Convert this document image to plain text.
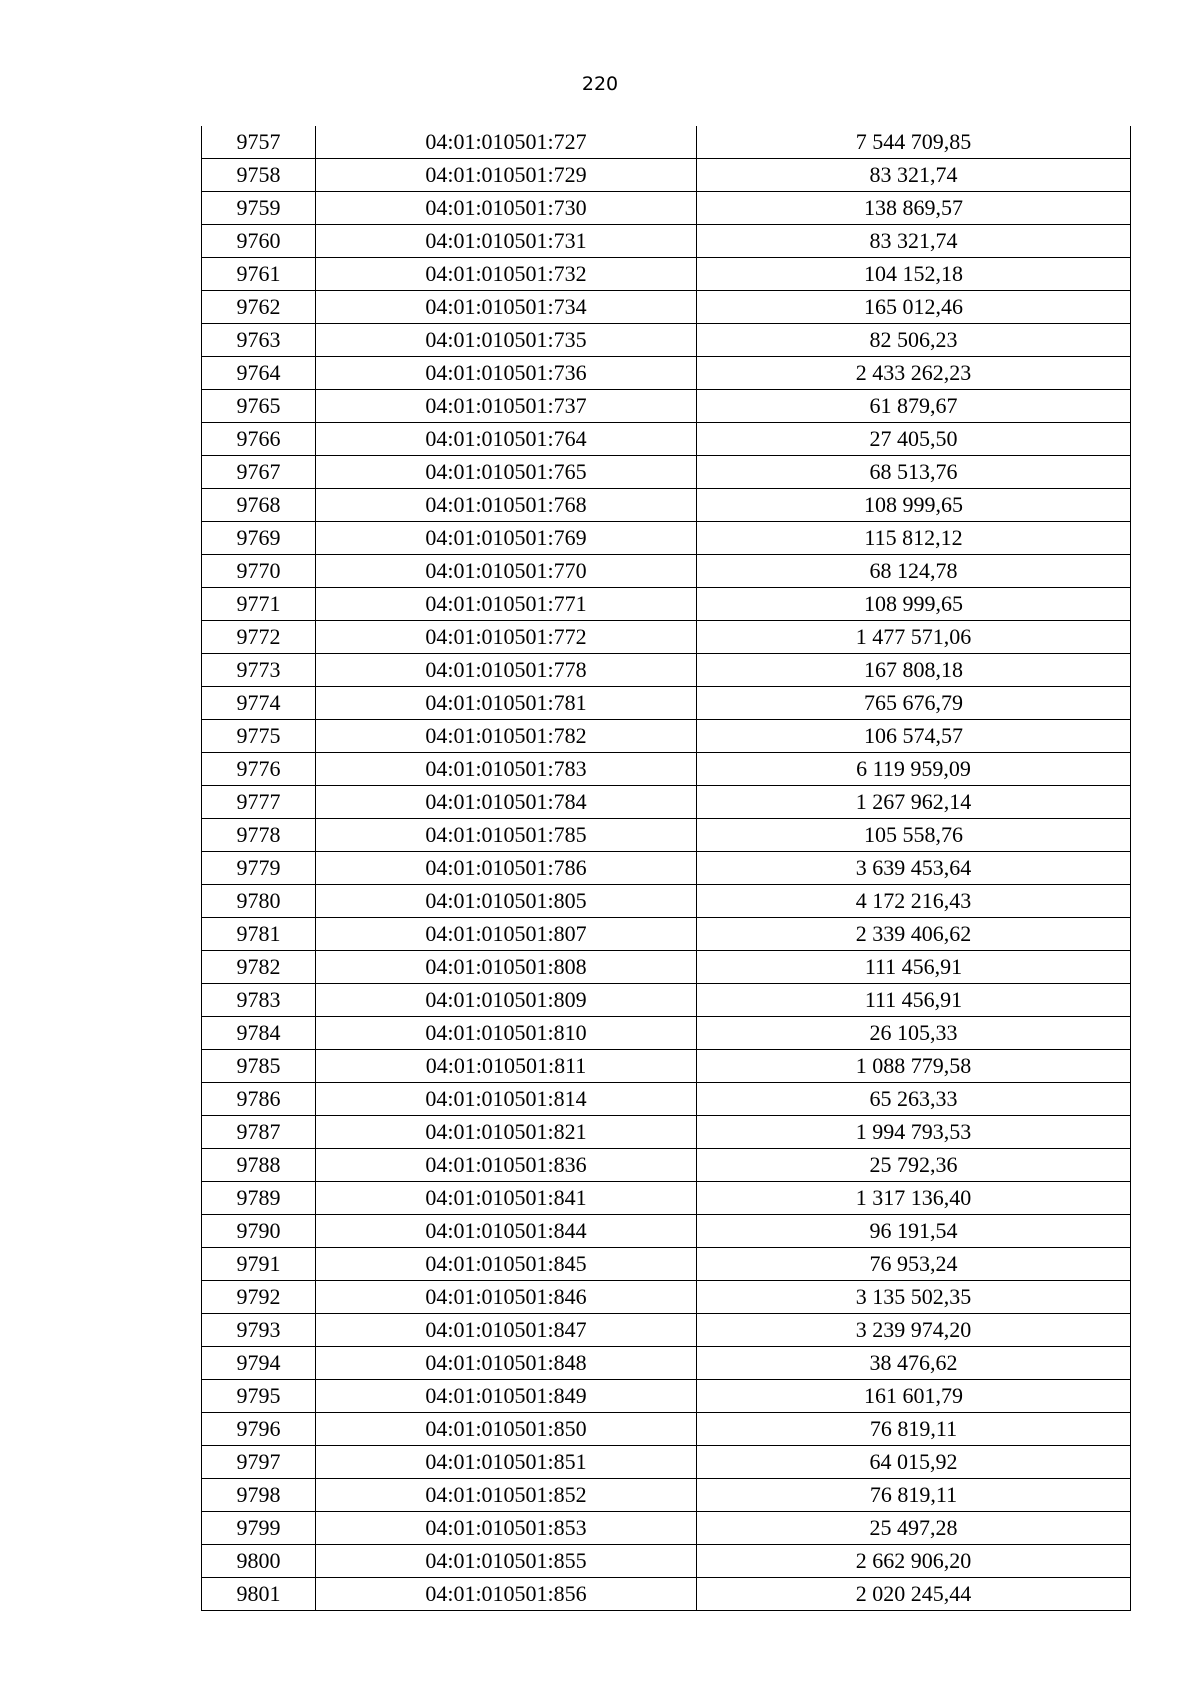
220
9757	04:01:010501:727	7 544 709,85
9758	04:01:010501:729	83 321,74
9759	04:01:010501:730	138 869,57
9760	04:01:010501:731	83 321,74
9761	04:01:010501:732	104 152,18
9762	04:01:010501:734	165 012,46
9763	04:01:010501:735	82 506,23
9764	04:01:010501:736	2 433 262,23
9765	04:01:010501:737	61 879,67
9766	04:01:010501:764	27 405,50
9767	04:01:010501:765	68 513,76
9768	04:01:010501:768	108 999,65
9769	04:01:010501:769	115 812,12
9770	04:01:010501:770	68 124,78
9771	04:01:010501:771	108 999,65
9772	04:01:010501:772	1 477 571,06
9773	04:01:010501:778	167 808,18
9774	04:01:010501:781	765 676,79
9775	04:01:010501:782	106 574,57
9776	04:01:010501:783	6 119 959,09
9777	04:01:010501:784	1 267 962,14
9778	04:01:010501:785	105 558,76
9779	04:01:010501:786	3 639 453,64
9780	04:01:010501:805	4 172 216,43
9781	04:01:010501:807	2 339 406,62
9782	04:01:010501:808	111 456,91
9783	04:01:010501:809	111 456,91
9784	04:01:010501:810	26 105,33
9785	04:01:010501:811	1 088 779,58
9786	04:01:010501:814	65 263,33
9787	04:01:010501:821	1 994 793,53
9788	04:01:010501:836	25 792,36
9789	04:01:010501:841	1 317 136,40
9790	04:01:010501:844	96 191,54
9791	04:01:010501:845	76 953,24
9792	04:01:010501:846	3 135 502,35
9793	04:01:010501:847	3 239 974,20
9794	04:01:010501:848	38 476,62
9795	04:01:010501:849	161 601,79
9796	04:01:010501:850	76 819,11
9797	04:01:010501:851	64 015,92
9798	04:01:010501:852	76 819,11
9799	04:01:010501:853	25 497,28
9800	04:01:010501:855	2 662 906,20
9801	04:01:010501:856	2 020 245,44
